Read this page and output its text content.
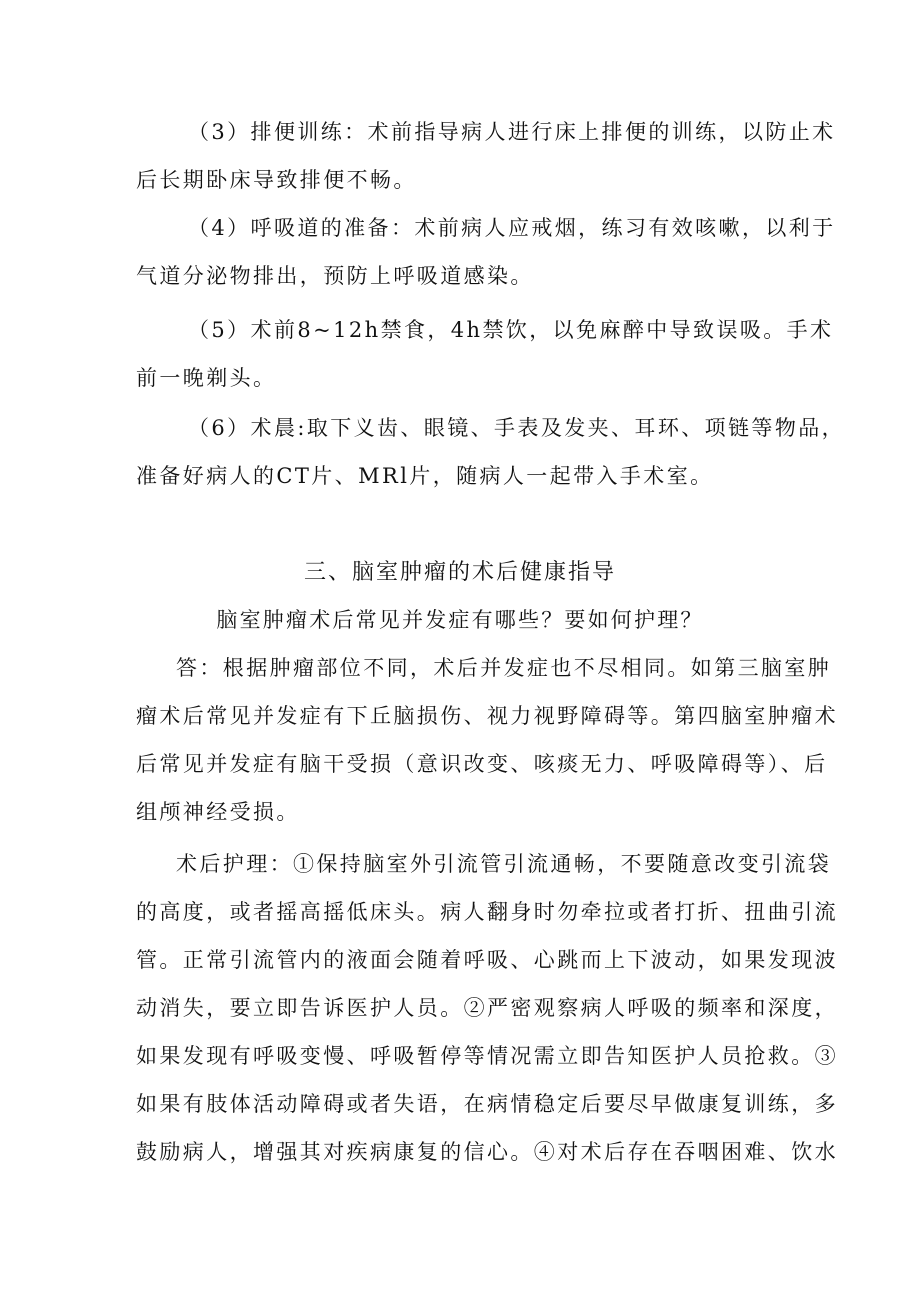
（3）排便训练：术前指导病人进行床上排便的训练，以防止术
后长期卧床导致排便不畅。
（4）呼吸道的准备：术前病人应戒烟，练习有效咳嗽，以利于
气道分泌物排出，预防上呼吸道感染。
（5）术前8~12h禁食，4h禁饮，以免麻醉中导致误吸。手术
前一晚剃头。
（6）术晨:取下义齿、眼镜、手表及发夹、耳环、项链等物品，
准备好病人的CT片、MRl片，随病人一起带入手术室。
三、脑室肿瘤的术后健康指导
脑室肿瘤术后常见并发症有哪些？要如何护理？
答：根据肿瘤部位不同，术后并发症也不尽相同。如第三脑室肿
瘤术后常见并发症有下丘脑损伤、视力视野障碍等。第四脑室肿瘤术
后常见并发症有脑干受损（意识改变、咳痰无力、呼吸障碍等）、后
组颅神经受损。
术后护理：①保持脑室外引流管引流通畅，不要随意改变引流袋
的高度，或者摇高摇低床头。病人翻身时勿牵拉或者打折、扭曲引流
管。正常引流管内的液面会随着呼吸、心跳而上下波动，如果发现波
动消失，要立即告诉医护人员。②严密观察病人呼吸的频率和深度，
如果发现有呼吸变慢、呼吸暂停等情况需立即告知医护人员抢救。③
如果有肢体活动障碍或者失语，在病情稳定后要尽早做康复训练，多
鼓励病人，增强其对疾病康复的信心。④对术后存在吞咽困难、饮水
